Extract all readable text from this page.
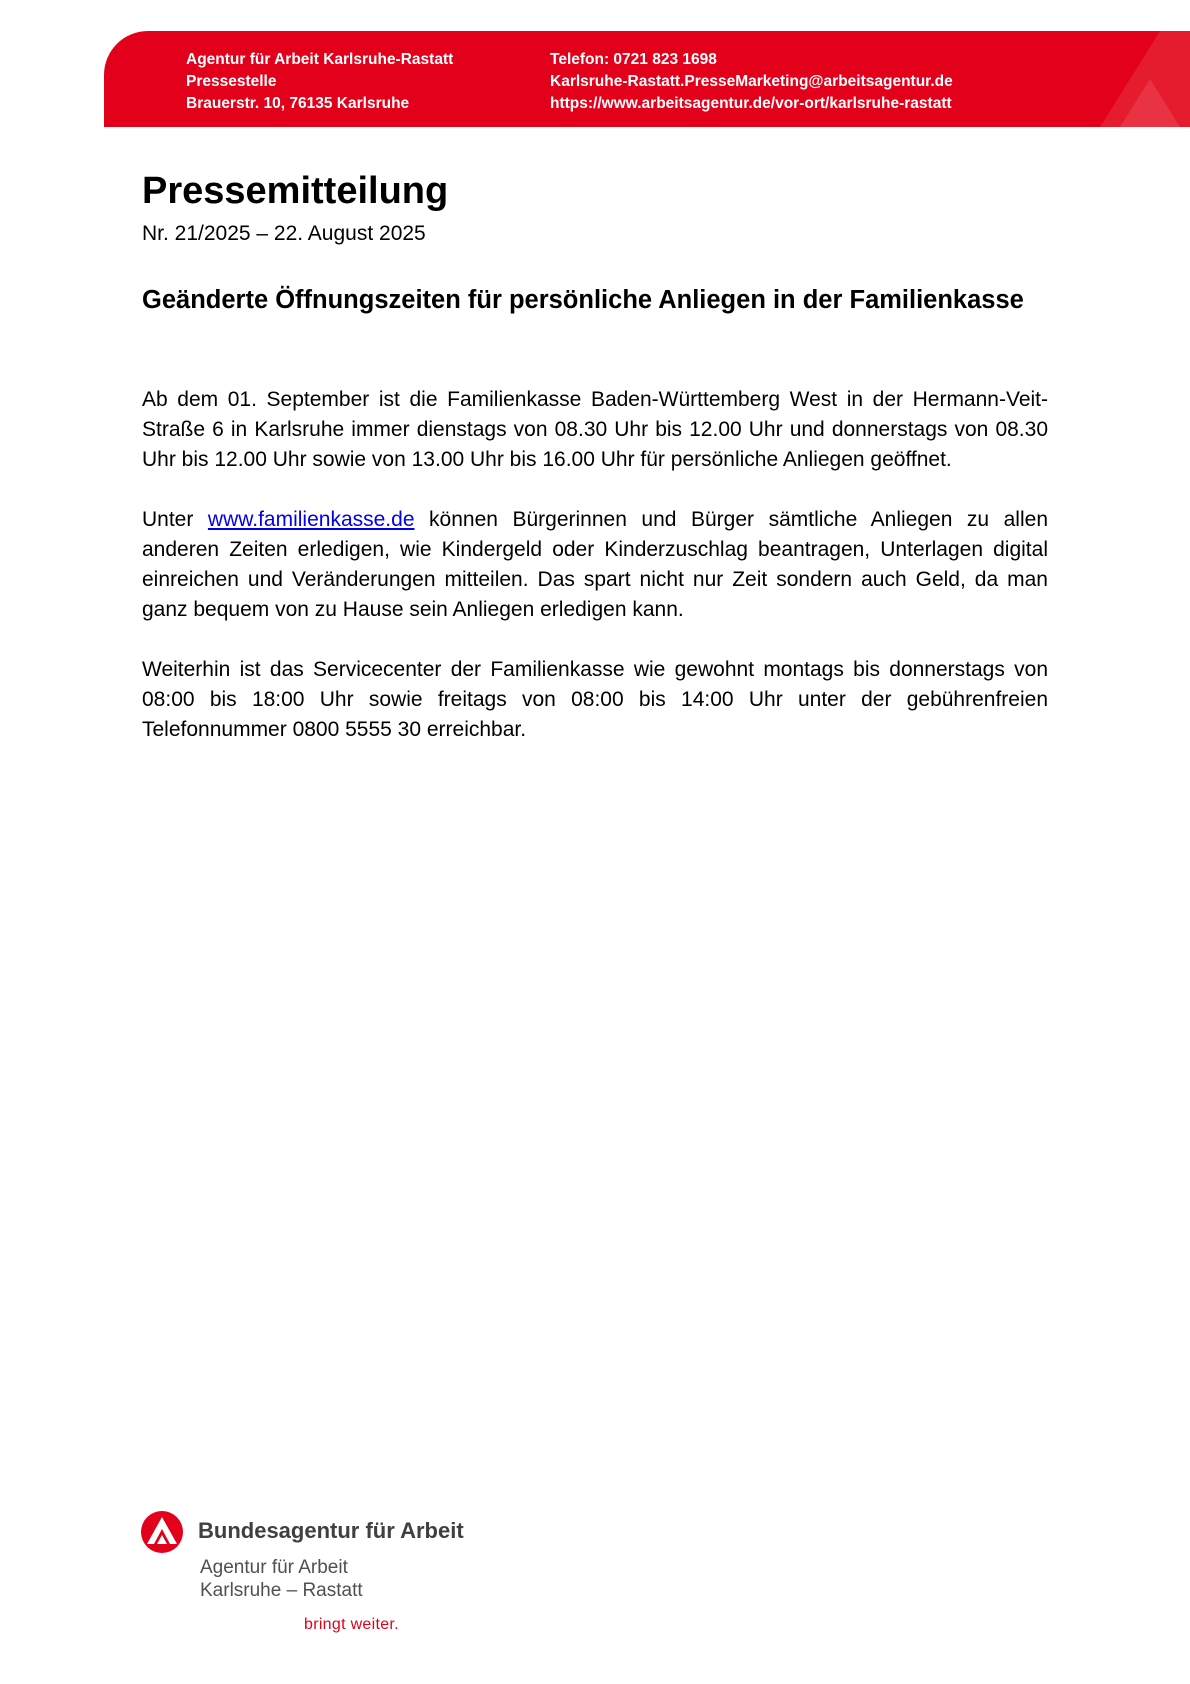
Agentur für Arbeit Karlsruhe-Rastatt
Pressestelle
Brauerstr. 10, 76135 Karlsruhe
Telefon: 0721 823 1698
Karlsruhe-Rastatt.PresseMarketing@arbeitsagentur.de
https://www.arbeitsagentur.de/vor-ort/karlsruhe-rastatt
Pressemitteilung
Nr. 21/2025 – 22. August 2025
Geänderte Öffnungszeiten für persönliche Anliegen in der Familienkasse

Ab dem 01. September ist die Familienkasse Baden-Württemberg West in der Hermann-Veit-Straße 6 in Karlsruhe immer dienstags von 08.30 Uhr bis 12.00 Uhr und donnerstags von 08.30 Uhr bis 12.00 Uhr sowie von 13.00 Uhr bis 16.00 Uhr für persönliche Anliegen geöffnet.

Unter www.familienkasse.de können Bürgerinnen und Bürger sämtliche Anliegen zu allen anderen Zeiten erledigen, wie Kindergeld oder Kinderzuschlag beantragen, Unterlagen digital einreichen und Veränderungen mitteilen. Das spart nicht nur Zeit sondern auch Geld, da man ganz bequem von zu Hause sein Anliegen erledigen kann.

Weiterhin ist das Servicecenter der Familienkasse wie gewohnt montags bis donnerstags von 08:00 bis 18:00 Uhr sowie freitags von 08:00 bis 14:00 Uhr unter der gebührenfreien Telefonnummer 0800 5555 30 erreichbar.

Bundesagentur für Arbeit
Agentur für Arbeit
Karlsruhe – Rastatt
bringt weiter.
